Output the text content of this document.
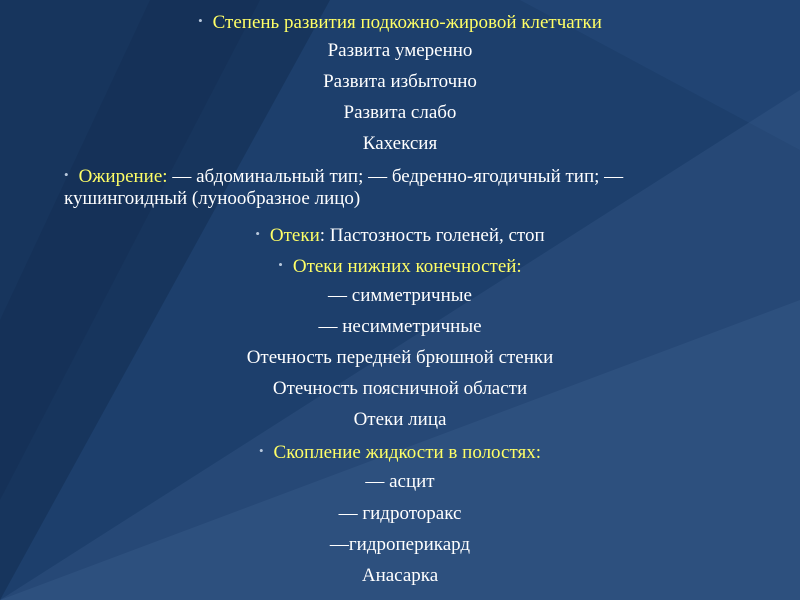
• Степень развития подкожно-жировой клетчатки
Развита умеренно
Развита избыточно
Развита слабо
Кахексия
• Ожирение: — абдоминальный тип; — бедренно-ягодичный тип; — кушингоидный (лунообразное лицо)
• Отеки: Пастозность голеней, стоп
• Отеки нижних конечностей:
— симметричные
— несимметричные
Отечность передней брюшной стенки
Отечность поясничной области
Отеки лица
• Скопление жидкости в полостях:
— асцит
— гидроторакс
—гидроперикард
Анасарка
